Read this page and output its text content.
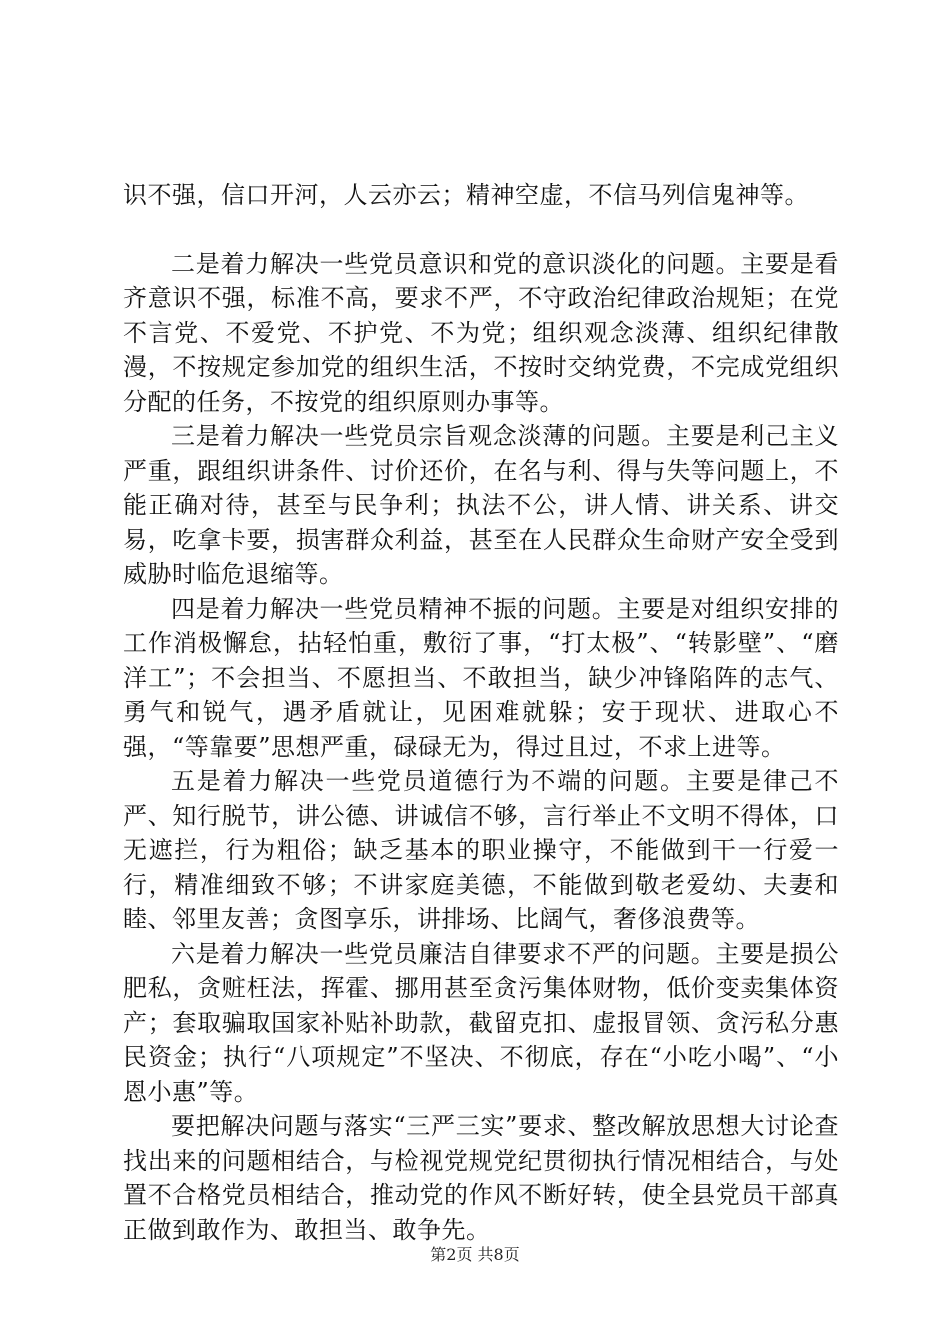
识不强，信口开河，人云亦云；精神空虚，不信马列信鬼神等。

二是着力解决一些党员意识和党的意识淡化的问题。主要是看齐意识不强，标准不高，要求不严，不守政治纪律政治规矩；在党不言党、不爱党、不护党、不为党；组织观念淡薄、组织纪律散漫，不按规定参加党的组织生活，不按时交纳党费，不完成党组织分配的任务，不按党的组织原则办事等。

三是着力解决一些党员宗旨观念淡薄的问题。主要是利己主义严重，跟组织讲条件、讨价还价，在名与利、得与失等问题上，不能正确对待，甚至与民争利；执法不公，讲人情、讲关系、讲交易，吃拿卡要，损害群众利益，甚至在人民群众生命财产安全受到威胁时临危退缩等。

四是着力解决一些党员精神不振的问题。主要是对组织安排的工作消极懈怠，拈轻怕重，敷衍了事，“打太极”、“转影壁”、“磨洋工”；不会担当、不愿担当、不敢担当，缺少冲锋陷阵的志气、勇气和锐气，遇矛盾就让，见困难就躲；安于现状、进取心不强，“等靠要”思想严重，碌碌无为，得过且过，不求上进等。

五是着力解决一些党员道德行为不端的问题。主要是律己不严、知行脱节，讲公德、讲诚信不够，言行举止不文明不得体，口无遮拦，行为粗俗；缺乏基本的职业操守，不能做到干一行爱一行，精准细致不够；不讲家庭美德，不能做到敬老爱幼、夫妻和睦、邻里友善；贪图享乐，讲排场、比阔气，奢侈浪费等。

六是着力解决一些党员廉洁自律要求不严的问题。主要是损公肥私，贪赃枉法，挥霍、挪用甚至贪污集体财物，低价变卖集体资产；套取骗取国家补贴补助款，截留克扣、虚报冒领、贪污私分惠民资金；执行“八项规定”不坚决、不彻底，存在“小吃小喝”、“小恩小惠”等。

要把解决问题与落实“三严三实”要求、整改解放思想大讨论查找出来的问题相结合，与检视党规党纪贯彻执行情况相结合，与处置不合格党员相结合，推动党的作风不断好转，使全县党员干部真正做到敢作为、敢担当、敢争先。

第2页 共8页
